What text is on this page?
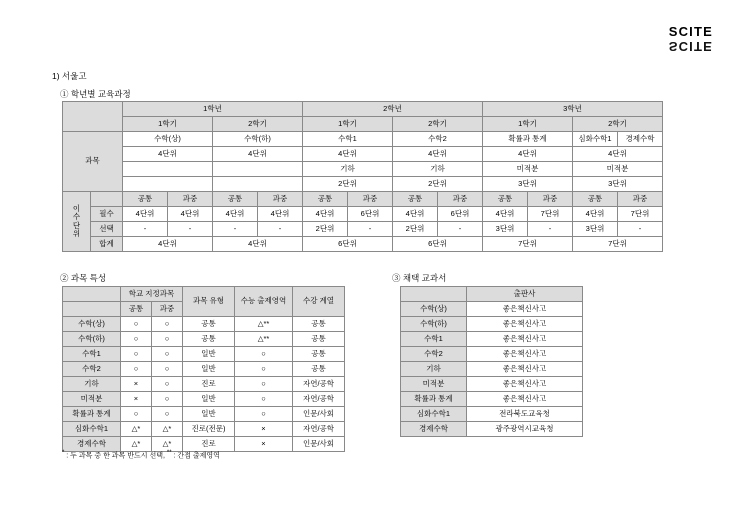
SCITE
SCITE
1) 서울고
① 학년별 교육과정
② 과목 특성	③ 채택 교과서
		1학년				2학년				3학년			
		1학기		2학기		1학기		2학기		1학기		2학기	
과목		수학(상)		수학(하)		수학1		수학2		확률과 통계		심화수학1	경제수학
		4단위		4단위		4단위		4단위		4단위		4단위	
						기하		기하		미적분		미적분	
						2단위		2단위		3단위		3단위	

이
수
단
위		공통	과중	공통	과중	공통	과중	공통	과중	공통	과중	공통	과중
	필수	4단위	4단위	4단위	4단위	4단위	6단위	4단위	6단위	4단위	7단위	4단위	7단위
	선택	-	-	-	-	2단위	-	2단위	-	3단위	-	3단위	-
	합계	4단위		4단위		6단위		6단위		7단위		7단위	
	학교 지정과목		과목 유형	수능 출제영역	수강 계열
	공통	과중			
수학(상)	○	○	공통	△**	공통
수학(하)	○	○	공통	△**	공통
수학1	○	○	일반	○	공통
수학2	○	○	일반	○	공통
기하	×	○	진로	○	자연/공학
미적분	×	○	일반	○	자연/공학
확률과 통계	○	○	일반	○	인문/사회
심화수학1	△*	△*	진로(전문)	×	자연/공학
경제수학	△*	△*	진로	×	인문/사회
	출판사
수학(상)	좋은책신사고
수학(하)	좋은책신사고
수학1	좋은책신사고
수학2	좋은책신사고
기하	좋은책신사고
미적분	좋은책신사고
확률과 통계	좋은책신사고
심화수학1	전라북도교육청
경제수학	광주광역시교육청
* : 두 과목 중 한 과목 반드시 선택, ** : 간접 출제영역
